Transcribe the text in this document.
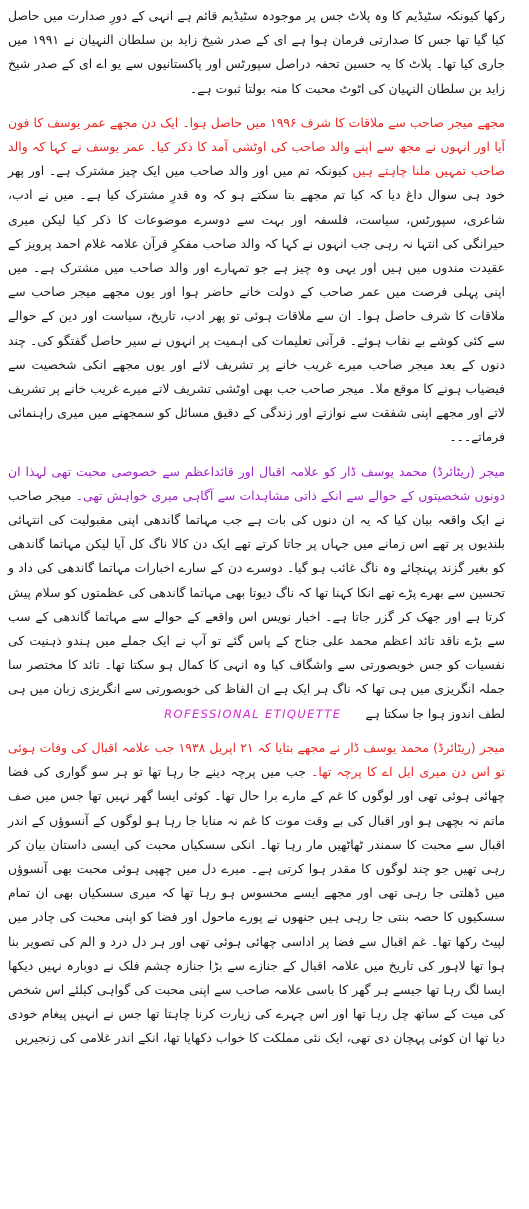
رکھا کیونکہ سٹیڈیم کا وہ پلاٹ جس پر موجودہ سٹیڈیم قائم ہے انہی کے دورِ صدارت میں حاصل کیا گیا تھا جس کا صدارتی فرمان ہوا ہے ای کے صدر شیخ زاید بن سلطان النہیان نے ۱۹۹۱ میں جاری کیا تھا۔ پلاٹ کا یہ حسین تحفہ دراصل سپورٹس اور پاکستانیوں سے یو اے ای کے صدر شیخ زاید بن سلطان النہیان کی اٹوٹ محبت کا منہ بولتا ثبوت ہے۔

مجھے میجر صاحب سے ملاقات کا شرف ۱۹۹۶ میں حاصل ہوا۔ ایک دن مجھے عمر یوسف کا فون آیا اور انہوں نے مجھ سے اپنے والد صاحب کی اوٹشی آمد کا ذکر کیا۔ عمر یوسف نے کہا کہ والد صاحب تمہیں ملنا چاہتے ہیں کیونکہ تم میں اور والد صاحب میں ایک چیز مشترک ہے۔ اور پھر خود ہی سوال داغ دیا کہ کیا تم مجھے بتا سکتے ہو کہ وہ قدرِ مشترک کیا ہے۔ میں نے ادب، شاعری، سپورٹس، سیاست، فلسفہ اور بہت سے دوسرے موضوعات کا ذکر کیا لیکن میری حیرانگی کی انتہا نہ رہی جب انہوں نے کہا کہ والد صاحب مفکرِ قرآن علامہ غلام احمد پرویز کے عقیدت مندوں میں ہیں اور یہی وہ چیز ہے جو تمہارے اور والد صاحب میں مشترک ہے۔ میں اپنی پہلی فرصت میں عمر صاحب کے دولت خانے حاضر ہوا اور یوں مجھے میجر صاحب سے ملاقات کا شرف حاصل ہوا۔ ان سے ملاقات ہوئی تو پھر ادب، تاریخ، سیاست اور دین کے حوالے سے کئی کوشے بے نقاب ہوئے۔ قرآنی تعلیمات کی اہمیت پر انہوں نے سیر حاصل گفتگو کی۔ چند دنوں کے بعد میجر صاحب میرے غریب خانے پر تشریف لائے اور یوں مجھے انکی شخصیت سے فیضیاب ہونے کا موقع ملا۔ میجر صاحب جب بھی اوٹشی تشریف لاتے میرے غریب خانے پر تشریف لاتے اور مجھے اپنی شفقت سے نوازتے اور زندگی کے دقیق مسائل کو سمجھنے میں میری راہنمائی فرماتے۔۔۔

میجر (ریٹائرڈ) محمد یوسف ڈار کو علامہ اقبال اور قائداعظم سے خصوصی محبت تھی لہذا ان دونوں شخصیتوں کے حوالے سے انکے ذاتی مشاہدات سے آگاہی میری خواہش تھی۔ میجر صاحب نے ایک واقعہ بیان کیا کہ یہ ان دنوں کی بات ہے جب مہاتما گاندھی اپنی مقبولیت کی انتہائی بلندیوں پر تھے اس زمانے میں جہاں پر جاتا کرتے تھے ایک دن کالا ناگ کل آیا لیکن مہاتما گاندھی کو بغیر گزند پہنچائے وہ ناگ غائب ہو گیا۔ دوسرے دن کے سارے اخبارات مہاتما گاندھی کی داد و تحسین سے بھرے پڑے تھے انکا کہنا تھا کہ ناگ دیوتا بھی مہاتما گاندھی کی عظمتوں کو سلام پیش کرتا ہے اور جھک کر گزر جاتا ہے۔ اخبار نویس اس واقعے کے حوالے سے مہاتما گاندھی کے سب سے بڑے ناقد تائد اعظم محمد علی جناح کے پاس گئے تو آپ نے ایک جملے میں ہندو ذہنیت کی نفسیات کو جس خوبصورتی سے واشگاف کیا وہ انہی کا کمال ہو سکتا تھا۔ تائد کا مختصر سا جملہ انگریزی میں ہی تھا کہ ناگ ہر ایک ہے ان الفاظ کی خوبصورتی سے انگریزی زبان میں ہی لطف اندوز ہوا جا سکتا ہےROFESSIONAL ETIQUETTE

میجر (ریٹائرڈ) محمد یوسف ڈار نے مجھے بتایا کہ ۲۱ اپریل ۱۹۳۸ جب علامہ اقبال کی وفات ہوئی تو اس دن میری ایل اے کا پرچہ تھا۔ جب میں پرچہ دینے جا رہا تھا تو ہر سو گواری کی فضا چھائی ہوئی تھی اور لوگوں کا غم کے مارے برا حال تھا۔ کوئی ایسا گھر نہیں تھا جس میں صف ماتم نہ بچھی ہو اور اقبال کی بے وقت موت کا غم نہ منایا جا رہا ہو لوگوں کے آنسوؤں کے اندر اقبال سے محبت کا سمندر ٹھاٹھیں مار رہا تھا۔ انکی سسکیاں محبت کی ایسی داستان بیان کر رہی تھیں جو چند لوگوں کا مقدر ہوا کرتی ہے۔ میرے دل میں چھپی ہوئی محبت بھی آنسوؤں میں ڈھلتی جا رہی تھی اور مجھے ایسے محسوس ہو رہا تھا کہ میری سسکیاں بھی ان تمام سسکیوں کا حصہ بنتی جا رہی ہیں جنھوں نے پورے ماحول اور فضا کو اپنی محبت کی چادر میں لپیٹ رکھا تھا۔ غم اقبال سے فضا پر اداسی چھائی ہوئی تھی اور ہر دل درد و الم کی تصویر بنا ہوا تھا لاہور کی تاریخ میں علامہ اقبال کے جنازے سے بڑا جنازہ چشم فلک نے دوبارہ نہیں دیکھا ایسا لگ رہا تھا جیسے ہر گھر کا باسی علامہ صاحب سے اپنی محبت کی گواہی کیلئے اس شخص کی میت کے ساتھ چل رہا تھا اور اس چہرے کی زیارت کرنا چاہتا تھا جس نے انہیں پیغام خودی دیا تھا ان کوئی پہچان دی تھی، ایک نئی مملکت کا خواب دکھایا تھا، انکے اندر غلامی کی زنجیریں
